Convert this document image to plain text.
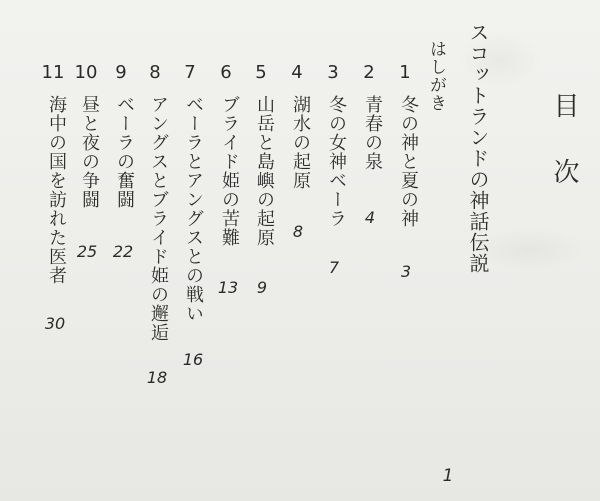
目次
スコットランドの神話伝説
はしがき
1
冬の神と夏の神
3
2
青春の泉
4
3
冬の女神ベーラ
7
4
湖水の起原
8
5
山岳と島嶼の起原
9
6
ブライド姫の苦難
13
7
ベーラとアングスとの戦い
16
8
アングスとブライド姫の邂逅
18
9
ベーラの奮闘
22
10
昼と夜の争闘
25
11
海中の国を訪れた医者
30
1
